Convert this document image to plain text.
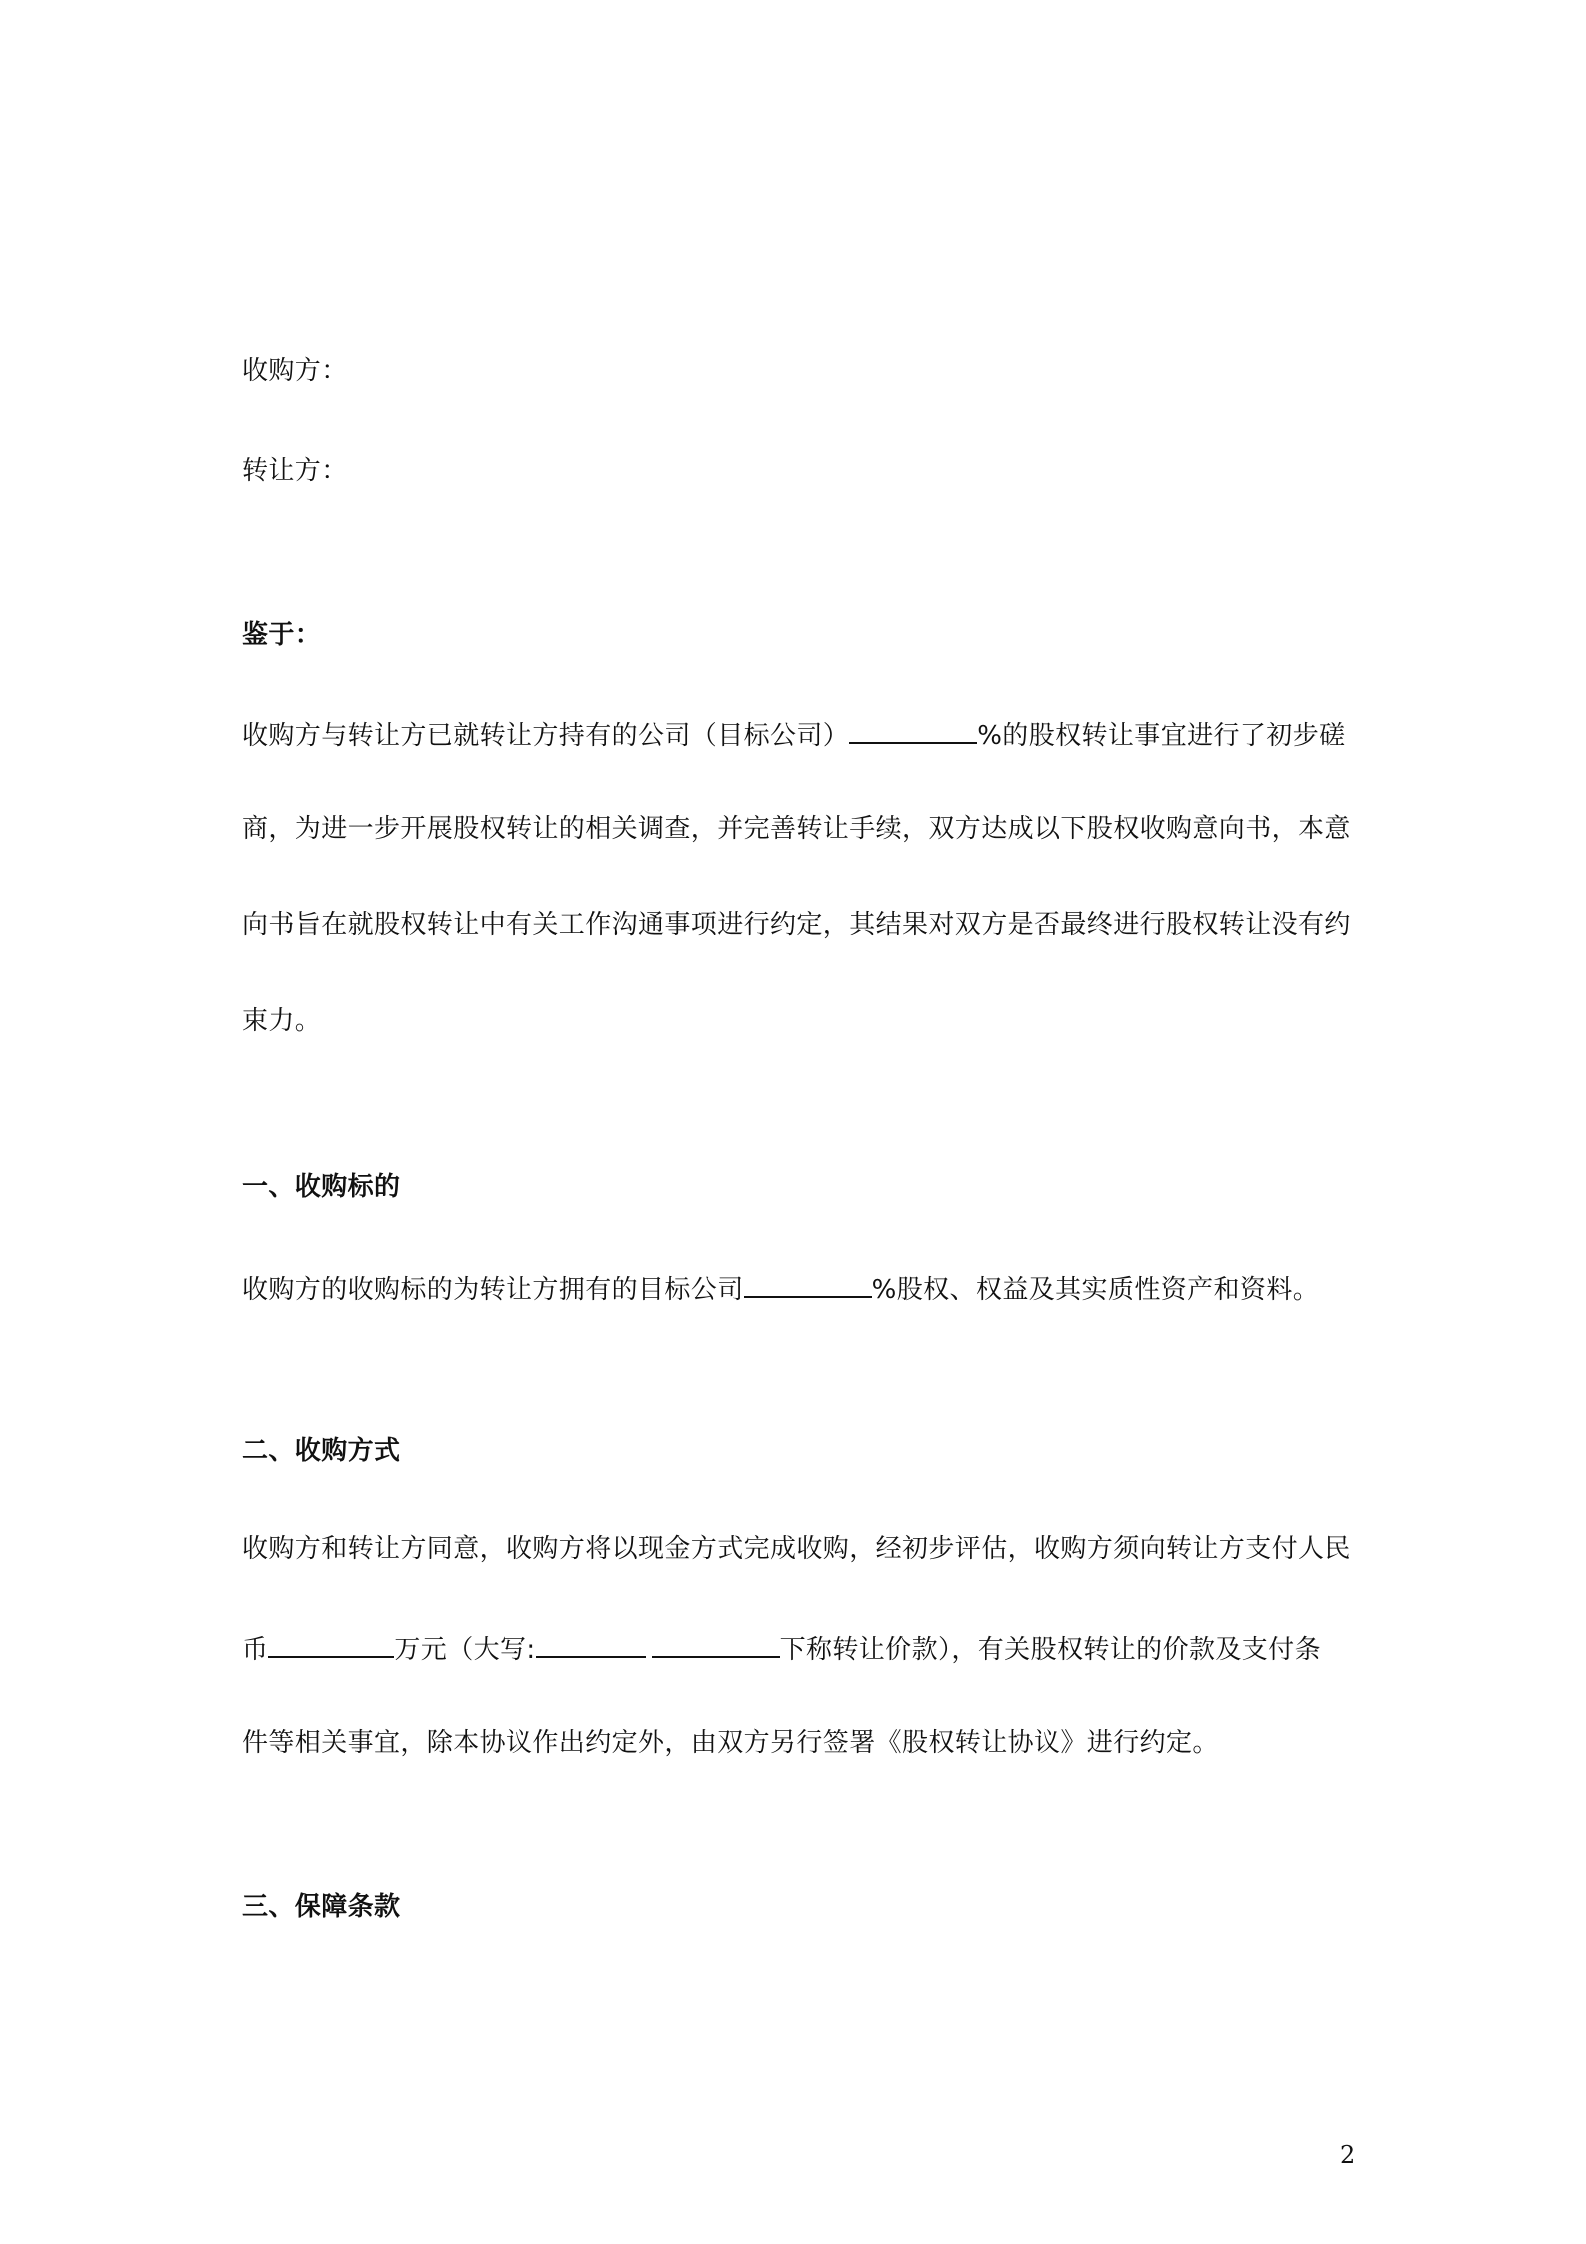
收购方：
转让方：
鉴于：
收购方与转让方已就转让方持有的公司（目标公司）	%的股权转让事宜进行了初步磋
商，为进一步开展股权转让的相关调查，并完善转让手续，双方达成以下股权收购意向书，本意
向书旨在就股权转让中有关工作沟通事项进行约定，其结果对双方是否最终进行股权转让没有约
束力。
一、收购标的
收购方的收购标的为转让方拥有的目标公司	%股权、权益及其实质性资产和资料。
二、收购方式
收购方和转让方同意，收购方将以现金方式完成收购，经初步评估，收购方须向转让方支付人民
币	万元（大写:	下称转让价款），有关股权转让的价款及支付条
件等相关事宜，除本协议作出约定外，由双方另行签署《股权转让协议》进行约定。
三、保障条款
2
